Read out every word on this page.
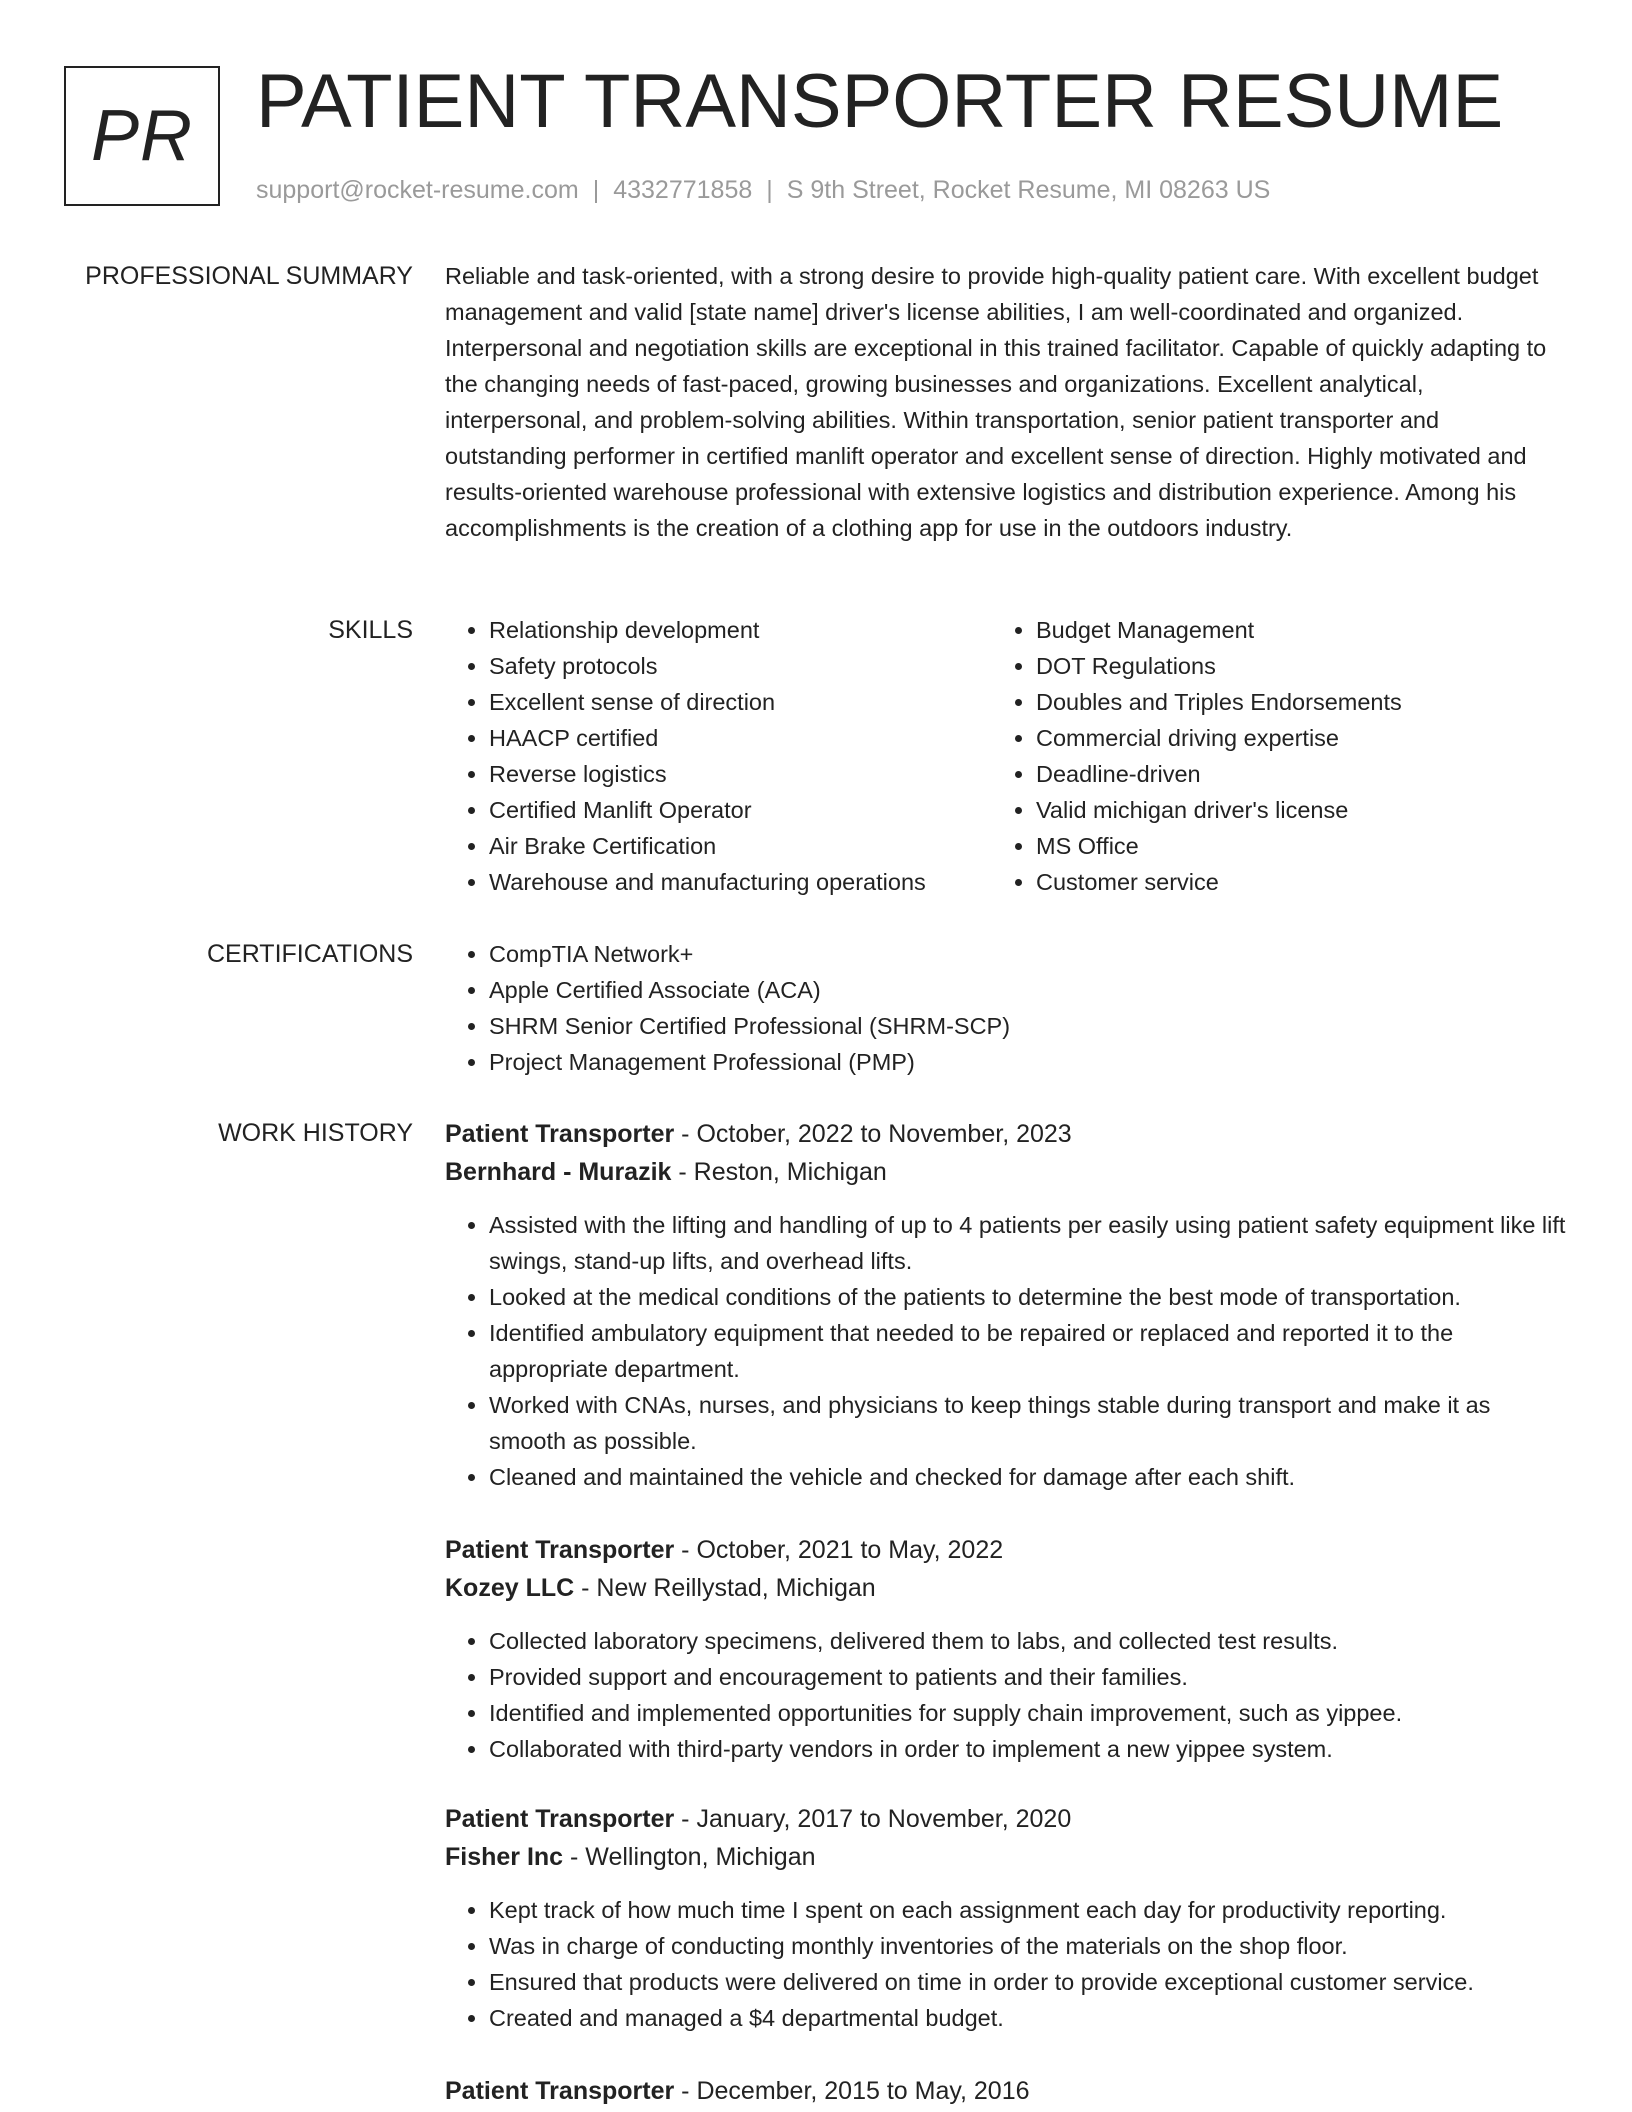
PR PATIENT TRANSPORTER RESUME
support@rocket-resume.com | 4332771858 | S 9th Street, Rocket Resume, MI 08263 US
PROFESSIONAL SUMMARY Reliable and task-oriented, with a strong desire to provide high-quality patient care. With excellent budget management and valid [state name] driver's license abilities, I am well-coordinated and organized. Interpersonal and negotiation skills are exceptional in this trained facilitator. Capable of quickly adapting to the changing needs of fast-paced, growing businesses and organizations. Excellent analytical, interpersonal, and problem-solving abilities. Within transportation, senior patient transporter and outstanding performer in certified manlift operator and excellent sense of direction. Highly motivated and results-oriented warehouse professional with extensive logistics and distribution experience. Among his accomplishments is the creation of a clothing app for use in the outdoors industry.

SKILLS	• Relationship development
• Safety protocols
• Excellent sense of direction
• HAACP certified
• Reverse logistics
• Certified Manlift Operator
• Air Brake Certification
• Warehouse and manufacturing operations
• Budget Management
• DOT Regulations
• Doubles and Triples Endorsements
• Commercial driving expertise
• Deadline-driven
• Valid michigan driver's license
• MS Office
• Customer service
CERTIFICATIONS	• CompTIA Network+
• Apple Certified Associate (ACA)
• SHRM Senior Certified Professional (SHRM-SCP)
• Project Management Professional (PMP)
WORK HISTORY Patient Transporter - October, 2022 to November, 2023
Bernhard - Murazik - Reston, Michigan
• Assisted with the lifting and handling of up to 4 patients per easily using patient safety equipment like lift swings, stand-up lifts, and overhead lifts.
• Looked at the medical conditions of the patients to determine the best mode of transportation.
• Identified ambulatory equipment that needed to be repaired or replaced and reported it to the appropriate department.
• Worked with CNAs, nurses, and physicians to keep things stable during transport and make it as smooth as possible.
• Cleaned and maintained the vehicle and checked for damage after each shift.
Patient Transporter - October, 2021 to May, 2022
Kozey LLC - New Reillystad, Michigan
• Collected laboratory specimens, delivered them to labs, and collected test results.
• Provided support and encouragement to patients and their families.
• Identified and implemented opportunities for supply chain improvement, such as yippee.
• Collaborated with third-party vendors in order to implement a new yippee system.
Patient Transporter - January, 2017 to November, 2020
Fisher Inc - Wellington, Michigan
• Kept track of how much time I spent on each assignment each day for productivity reporting.
• Was in charge of conducting monthly inventories of the materials on the shop floor.
• Ensured that products were delivered on time in order to provide exceptional customer service.
• Created and managed a $4 departmental budget.
Patient Transporter - December, 2015 to May, 2016
